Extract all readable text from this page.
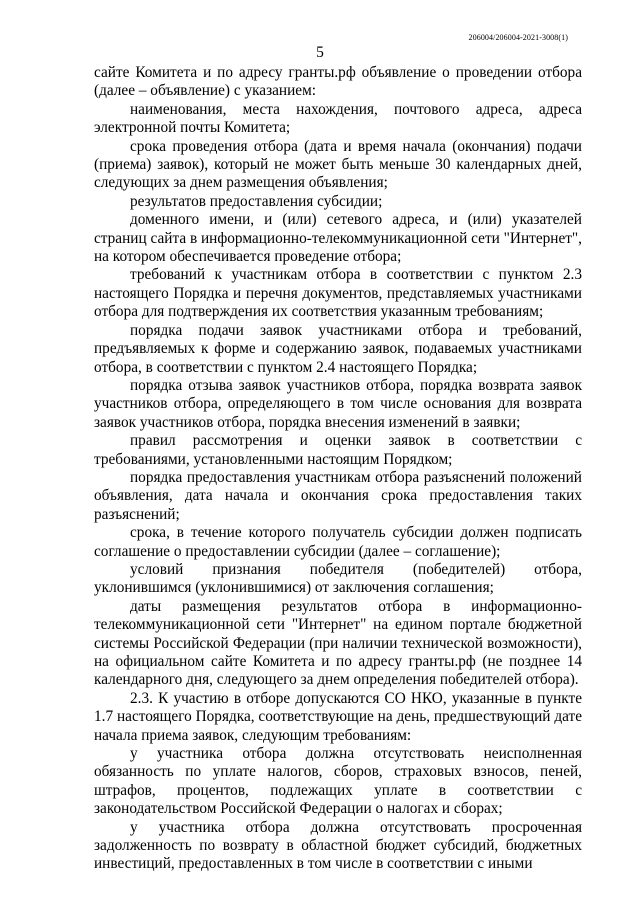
206004/206004-2021-3008(1)
5

сайте Комитета и по адресу гранты.рф объявление о проведении отбора (далее – объявление) с указанием:

наименования, места нахождения, почтового адреса, адреса электронной почты Комитета;

срока проведения отбора (дата и время начала (окончания) подачи (приема) заявок), который не может быть меньше 30 календарных дней, следующих за днем размещения объявления;

результатов предоставления субсидии;

доменного имени, и (или) сетевого адреса, и (или) указателей страниц сайта в информационно-телекоммуникационной сети "Интернет", на котором обеспечивается проведение отбора;

требований к участникам отбора в соответствии с пунктом 2.3 настоящего Порядка и перечня документов, представляемых участниками отбора для подтверждения их соответствия указанным требованиям;

порядка подачи заявок участниками отбора и требований, предъявляемых к форме и содержанию заявок, подаваемых участниками отбора, в соответствии с пунктом 2.4 настоящего Порядка;

порядка отзыва заявок участников отбора, порядка возврата заявок участников отбора, определяющего в том числе основания для возврата заявок участников отбора, порядка внесения изменений в заявки;

правил рассмотрения и оценки заявок в соответствии с требованиями, установленными настоящим Порядком;

порядка предоставления участникам отбора разъяснений положений объявления, дата начала и окончания срока предоставления таких разъяснений;

срока, в течение которого получатель субсидии должен подписать соглашение о предоставлении субсидии (далее – соглашение);

условий признания победителя (победителей) отбора, уклонившимся (уклонившимися) от заключения соглашения;

даты размещения результатов отбора в информационно-телекоммуникационной сети "Интернет" на едином портале бюджетной системы Российской Федерации (при наличии технической возможности), на официальном сайте Комитета и по адресу гранты.рф (не позднее 14 календарного дня, следующего за днем определения победителей отбора).

2.3. К участию в отборе допускаются СО НКО, указанные в пункте 1.7 настоящего Порядка, соответствующие на день, предшествующий дате начала приема заявок, следующим требованиям:

у участника отбора должна отсутствовать неисполненная обязанность по уплате налогов, сборов, страховых взносов, пеней, штрафов, процентов, подлежащих уплате в соответствии с законодательством Российской Федерации о налогах и сборах;

у участника отбора должна отсутствовать просроченная задолженность по возврату в областной бюджет субсидий, бюджетных инвестиций, предоставленных в том числе в соответствии с иными
